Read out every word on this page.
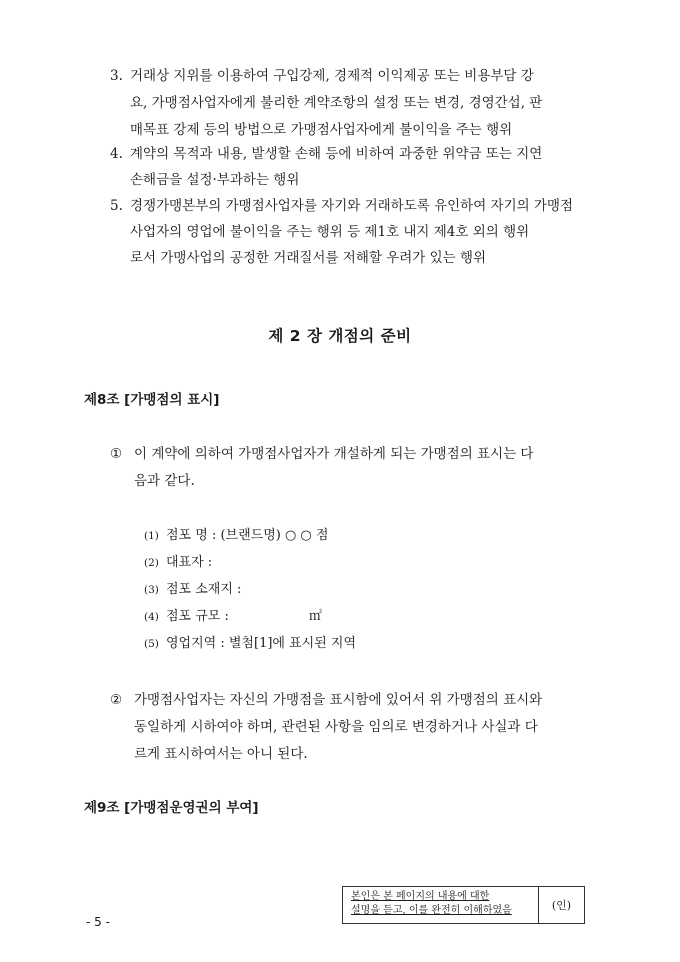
3. 거래상 지위를 이용하여 구입강제, 경제적 이익제공 또는 비용부담 강
요, 가맹점사업자에게 불리한 계약조항의 설정 또는 변경, 경영간섭, 판
매목표 강제 등의 방법으로 가맹점사업자에게 불이익을 주는 행위
4. 계약의 목적과 내용, 발생할 손해 등에 비하여 과중한 위약금 또는 지연
손해금을 설정·부과하는 행위
5. 경쟁가맹본부의 가맹점사업자를 자기와 거래하도록 유인하여 자기의 가맹점
사업자의 영업에 불이익을 주는 행위 등 제1호 내지 제4호 외의 행위
로서 가맹사업의 공정한 거래질서를 저해할 우려가 있는 행위
제 2 장 개점의 준비
제8조 [가맹점의 표시]
① 이 계약에 의하여 가맹점사업자가 개설하게 되는 가맹점의 표시는 다
음과 같다.
(1) 점포 명 : (브랜드명) ○ ○ 점
(2) 대표자 :
(3) 점포 소재지 :
(4) 점포 규모 :	㎡
(5) 영업지역 : 별첨[1]에 표시된 지역
② 가맹점사업자는 자신의 가맹점을 표시함에 있어서 위 가맹점의 표시와
동일하게 시하여야 하며, 관련된 사항을 임의로 변경하거나 사실과 다
르게 표시하여서는 아니 된다.
제9조 [가맹점운영권의 부여]
본인은 본 페이지의 내용에 대한
설명을 듣고, 이를 완전히 이해하였음	(인)
- 5 -
